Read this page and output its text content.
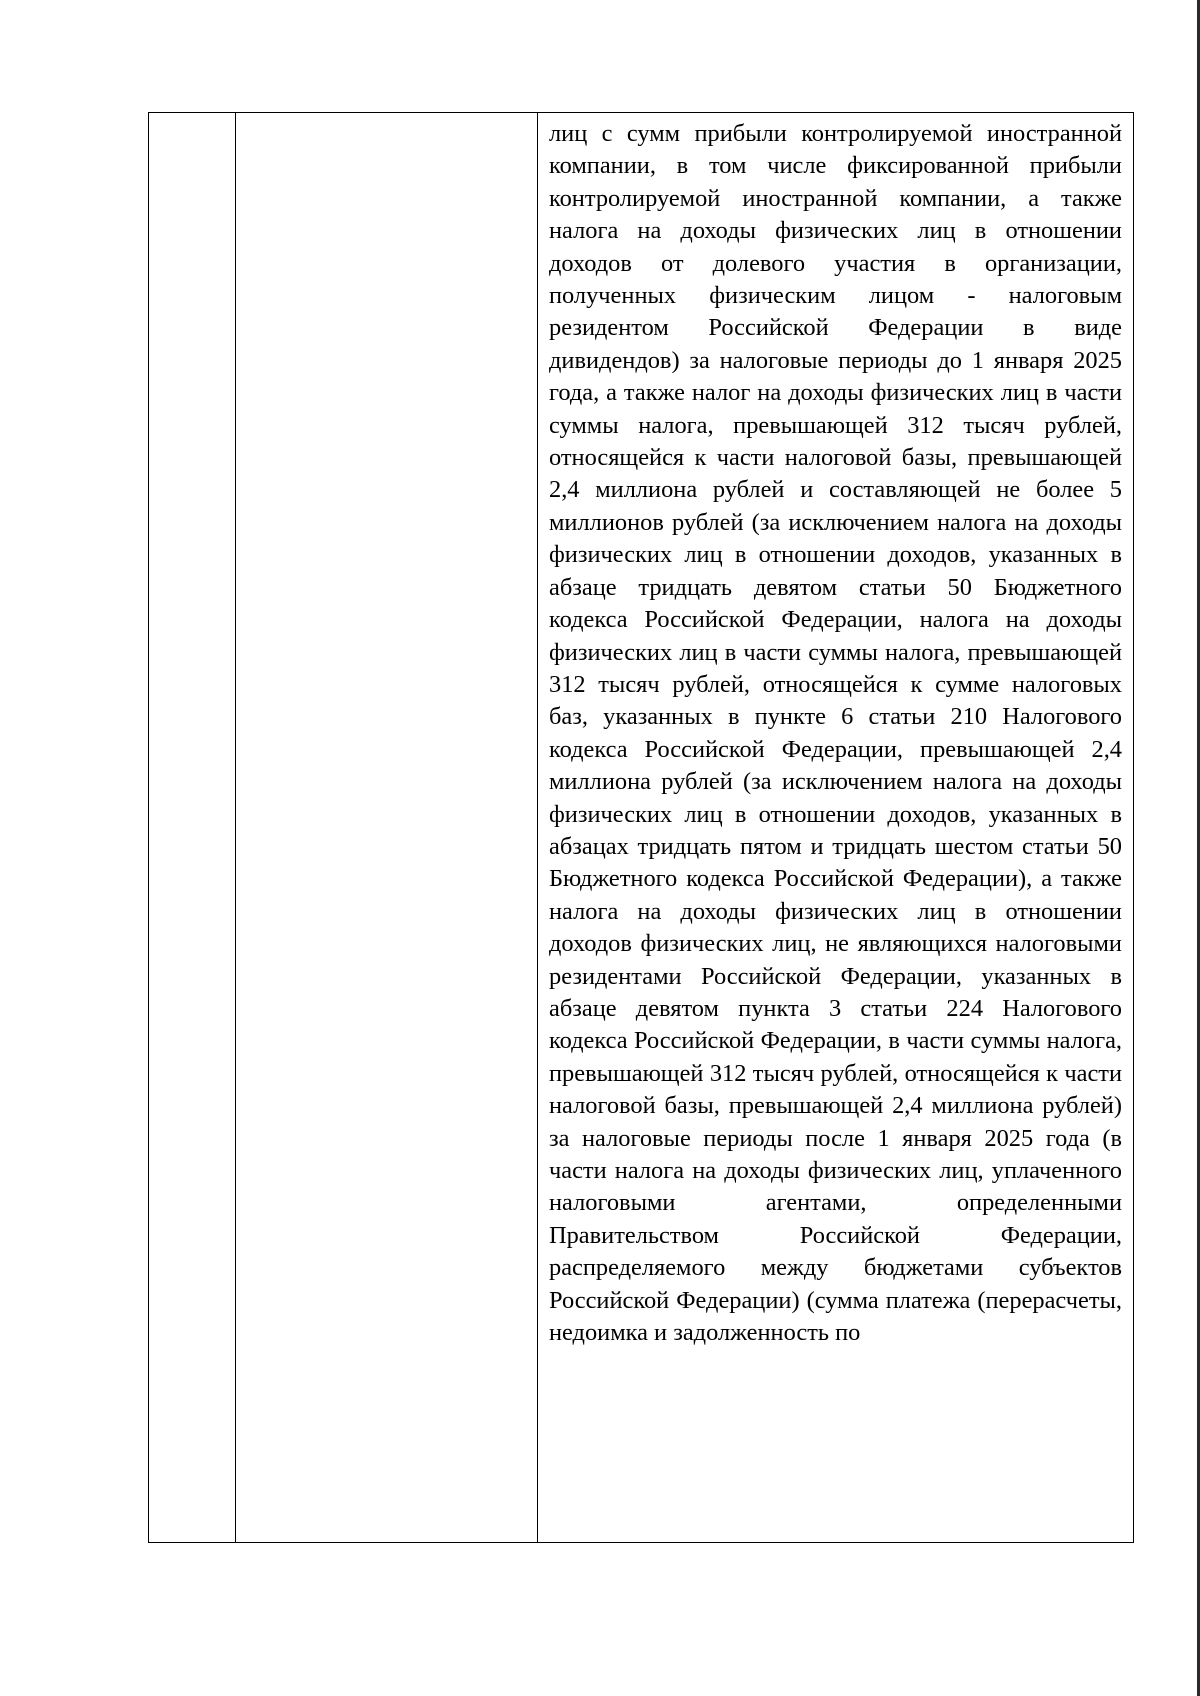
лиц с сумм прибыли контролируемой иностранной компании, в том числе фиксированной прибыли контролируемой иностранной компании, а также налога на доходы физических лиц в отношении доходов от долевого участия в организации, полученных физическим лицом - налоговым резидентом Российской Федерации в виде дивидендов) за налоговые периоды до 1 января 2025 года, а также налог на доходы физических лиц в части суммы налога, превышающей 312 тысяч рублей, относящейся к части налоговой базы, превышающей 2,4 миллиона рублей и составляющей не более 5 миллионов рублей (за исключением налога на доходы физических лиц в отношении доходов, указанных в абзаце тридцать девятом статьи 50 Бюджетного кодекса Российской Федерации, налога на доходы физических лиц в части суммы налога, превышающей 312 тысяч рублей, относящейся к сумме налоговых баз, указанных в пункте 6 статьи 210 Налогового кодекса Российской Федерации, превышающей 2,4 миллиона рублей (за исключением налога на доходы физических лиц в отношении доходов, указанных в абзацах тридцать пятом и тридцать шестом статьи 50 Бюджетного кодекса Российской Федерации), а также налога на доходы физических лиц в отношении доходов физических лиц, не являющихся налоговыми резидентами Российской Федерации, указанных в абзаце девятом пункта 3 статьи 224 Налогового кодекса Российской Федерации, в части суммы налога, превышающей 312 тысяч рублей, относящейся к части налоговой базы, превышающей 2,4 миллиона рублей) за налоговые периоды после 1 января 2025 года (в части налога на доходы физических лиц, уплаченного налоговыми агентами, определенными Правительством Российской Федерации, распределяемого между бюджетами субъектов Российской Федерации) (сумма платежа (перерасчеты, недоимка и задолженность по
